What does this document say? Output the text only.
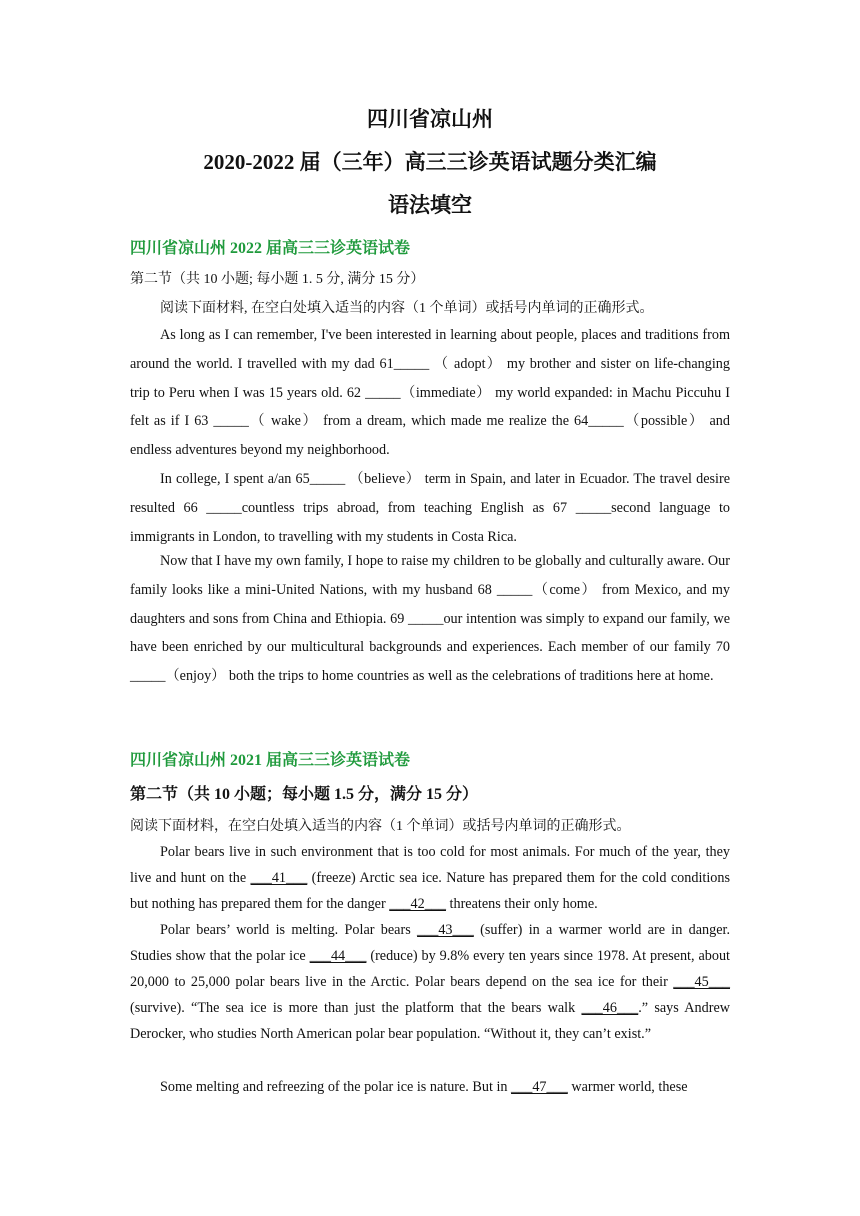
四川省凉山州
2020-2022 届（三年）高三三诊英语试题分类汇编
语法填空
四川省凉山州 2022 届高三三诊英语试卷
第二节（共 10 小题; 每小题 1. 5 分, 满分 15 分）
阅读下面材料, 在空白处填入适当的内容（1 个单词）或括号内单词的正确形式。
As long as I can remember, I've been interested in learning about people, places and traditions from around the world. I travelled with my dad 61_____ （ adopt） my brother and sister on life-changing trip to Peru when I was 15 years old. 62 _____（immediate） my world expanded: in Machu Piccuhu I felt as if I 63 _____（ wake） from a dream, which made me realize the 64_____（possible） and endless adventures beyond my neighborhood.
In college, I spent a/an 65_____ （believe） term in Spain, and later in Ecuador. The travel desire resulted 66 _____countless trips abroad, from teaching English as 67 _____second language to immigrants in London, to travelling with my students in Costa Rica.
Now that I have my own family, I hope to raise my children to be globally and culturally aware. Our family looks like a mini-United Nations, with my husband 68 _____（come） from Mexico, and my daughters and sons from China and Ethiopia. 69 _____our intention was simply to expand our family, we have been enriched by our multicultural backgrounds and experiences. Each member of our family 70 _____（enjoy） both the trips to home countries as well as the celebrations of traditions here at home.
四川省凉山州 2021 届高三三诊英语试卷
第二节（共 10 小题；每小题 1.5 分，满分 15 分）
阅读下面材料，在空白处填入适当的内容（1 个单词）或括号内单词的正确形式。
Polar bears live in such environment that is too cold for most animals. For much of the year, they live and hunt on the ___41___ (freeze) Arctic sea ice. Nature has prepared them for the cold conditions but nothing has prepared them for the danger ___42___ threatens their only home.
Polar bears’ world is melting. Polar bears ___43___ (suffer) in a warmer world are in danger. Studies show that the polar ice ___44___ (reduce) by 9.8% every ten years since 1978. At present, about 20,000 to 25,000 polar bears live in the Arctic. Polar bears depend on the sea ice for their ___45___ (survive). “The sea ice is more than just the platform that the bears walk ___46___.” says Andrew Derocker, who studies North American polar bear population. “Without it, they can’t exist.”
Some melting and refreezing of the polar ice is nature. But in ___47___ warmer world, these
